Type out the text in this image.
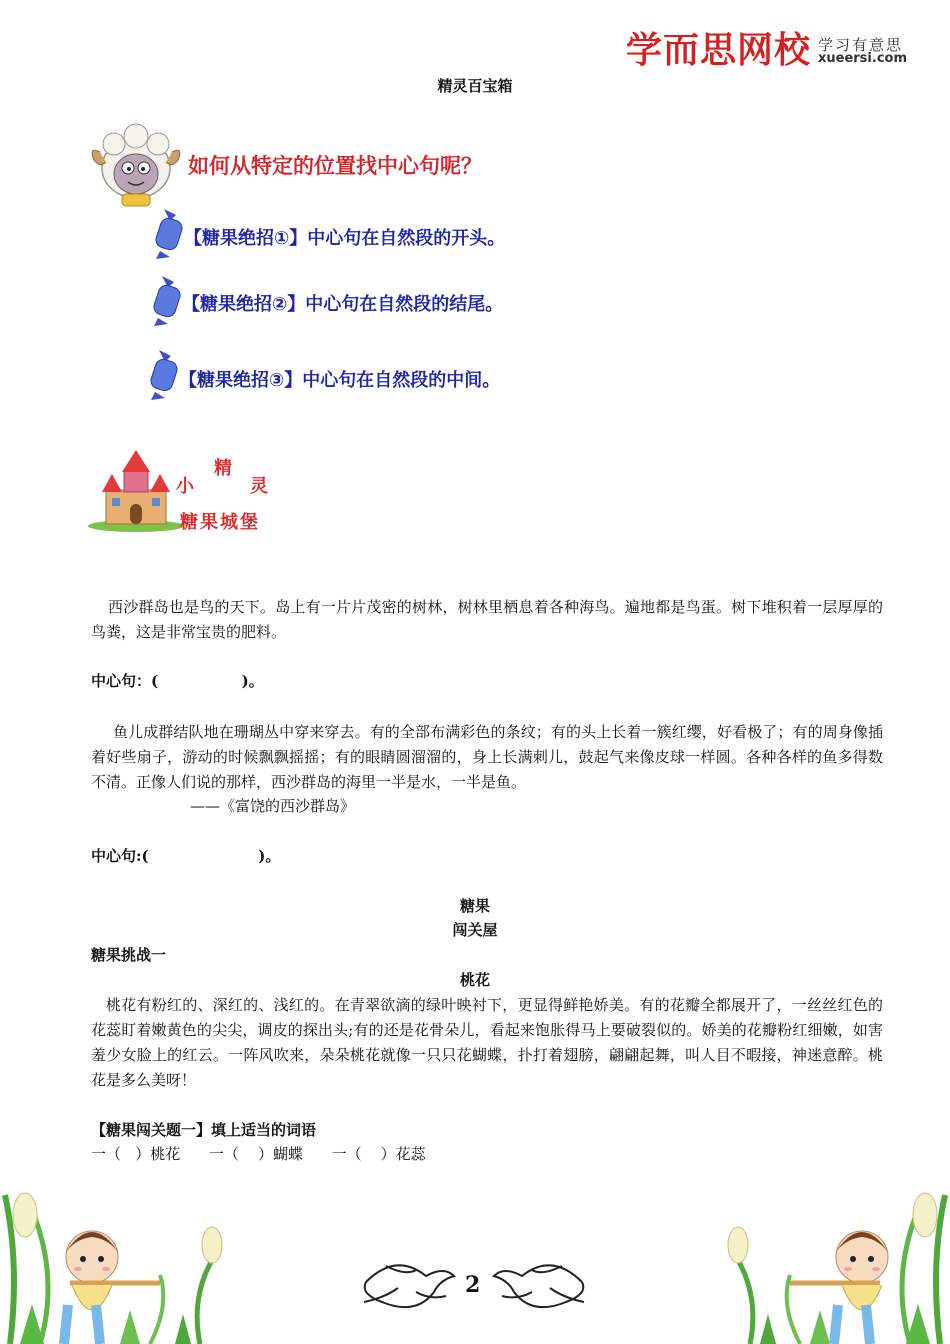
学而思网校 学习有意思
xueersi.com
精灵百宝箱
如何从特定的位置找中心句呢？
【糖果绝招①】中心句在自然段的开头。
【糖果绝招②】中心句在自然段的结尾。
【糖果绝招③】中心句在自然段的中间。
小
精
灵
糖果城堡
西沙群岛也是鸟的天下。岛上有一片片茂密的树林，树林里栖息着各种海鸟。遍地都是鸟蛋。树下堆积着一层厚厚的鸟粪，这是非常宝贵的肥料。
中心句：(                )。
鱼儿成群结队地在珊瑚丛中穿来穿去。有的全部布满彩色的条纹；有的头上长着一簇红缨，好看极了；有的周身像插着好些扇子，游动的时候飘飘摇摇；有的眼睛圆溜溜的，身上长满刺儿，鼓起气来像皮球一样圆。各种各样的鱼多得数不清。正像人们说的那样，西沙群岛的海里一半是水，一半是鱼。
——《富饶的西沙群岛》
中心句:(                     )。
糖果
闯关屋
糖果挑战一
桃花
桃花有粉红的、深红的、浅红的。在青翠欲滴的绿叶映衬下，更显得鲜艳娇美。有的花瓣全都展开了，一丝丝红色的花蕊盯着嫩黄色的尖尖，调皮的探出头;有的还是花骨朵儿，看起来饱胀得马上要破裂似的。娇美的花瓣粉红细嫩，如害羞少女脸上的红云。一阵风吹来，朵朵桃花就像一只只花蝴蝶，扑打着翅膀，翩翩起舞，叫人目不暇接，神迷意醉。桃花是多么美呀！
【糖果闯关题一】填上适当的词语
一（   ）桃花      一（    ）蝴蝶      一（    ）花蕊
2
